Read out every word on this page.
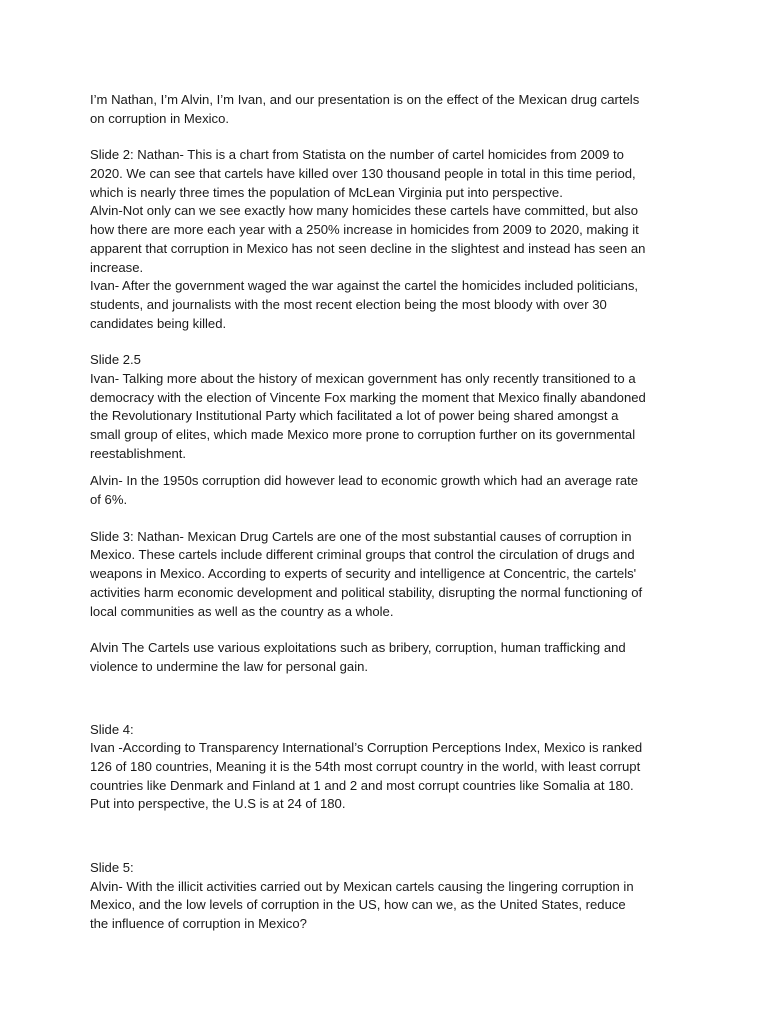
I’m Nathan, I’m Alvin, I’m Ivan, and our presentation is on the effect of the Mexican drug cartels
on corruption in Mexico.
Slide 2: Nathan- This is a chart from Statista on the number of cartel homicides from 2009 to
2020. We can see that cartels have killed over 130 thousand people in total in this time period,
which is nearly three times the population of McLean Virginia put into perspective.
Alvin-Not only can we see exactly how many homicides these cartels have committed, but also
how there are more each year with a 250% increase in homicides from 2009 to 2020, making it
apparent that corruption in Mexico has not seen decline in the slightest and instead has seen an
increase.
Ivan- After the government waged the war against the cartel the homicides included politicians,
students, and journalists with the most recent election being the most bloody with over 30
candidates being killed.
Slide 2.5
Ivan- Talking more about the history of mexican government has only recently transitioned to a
democracy with the election of Vincente Fox marking the moment that Mexico finally abandoned
the Revolutionary Institutional Party which facilitated a lot of power being shared amongst a
small group of elites, which made Mexico more prone to corruption further on its governmental
reestablishment.
Alvin- In the 1950s corruption did however lead to economic growth which had an average rate
of 6%.
Slide 3: Nathan- Mexican Drug Cartels are one of the most substantial causes of corruption in
Mexico. These cartels include different criminal groups that control the circulation of drugs and
weapons in Mexico. According to experts of security and intelligence at Concentric, the cartels'
activities harm economic development and political stability, disrupting the normal functioning of
local communities as well as the country as a whole.
Alvin The Cartels use various exploitations such as bribery, corruption, human trafficking and
violence to undermine the law for personal gain.
Slide 4:
Ivan -According to Transparency International’s Corruption Perceptions Index, Mexico is ranked
126 of 180 countries, Meaning it is the 54th most corrupt country in the world, with least corrupt
countries like Denmark and Finland at 1 and 2 and most corrupt countries like Somalia at 180.
Put into perspective, the U.S is at 24 of 180.
Slide 5:
Alvin- With the illicit activities carried out by Mexican cartels causing the lingering corruption in
Mexico, and the low levels of corruption in the US, how can we, as the United States, reduce
the influence of corruption in Mexico?
